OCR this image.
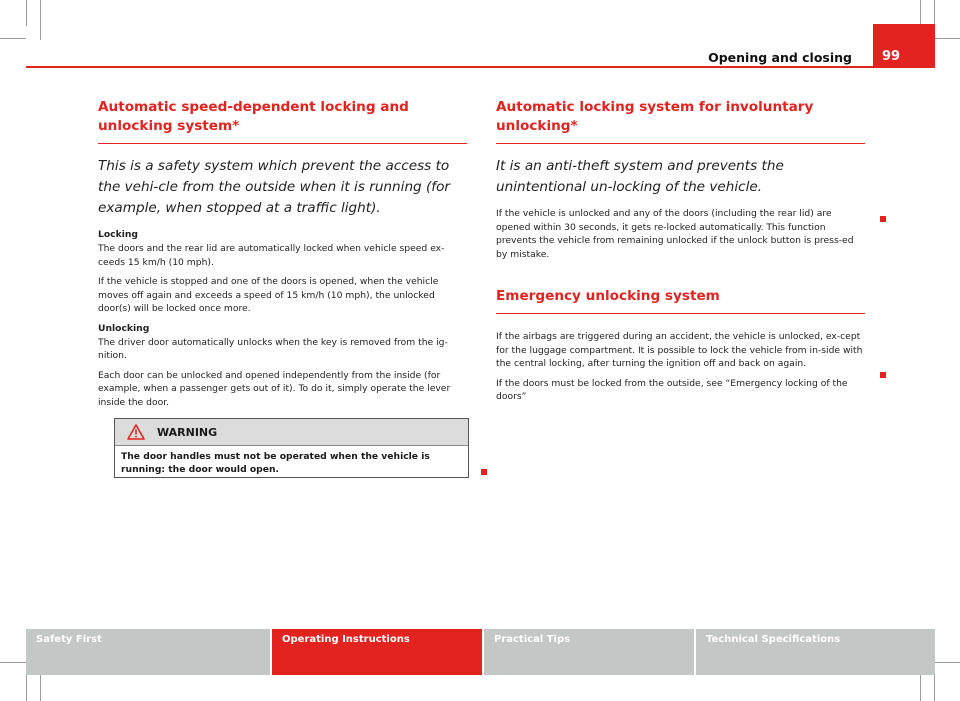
Opening and closing	99
Automatic speed-dependent locking and unlocking system*
This is a safety system which prevent the access to the vehi-cle from the outside when it is running (for example, when stopped at a traffic light).
Locking

The doors and the rear lid are automatically locked when vehicle speed ex-ceeds 15 km/h (10 mph).

If the vehicle is stopped and one of the doors is opened, when the vehicle moves off again and exceeds a speed of 15 km/h (10 mph), the unlocked door(s) will be locked once more.

Unlocking

The driver door automatically unlocks when the key is removed from the ig-nition.

Each door can be unlocked and opened independently from the inside (for example, when a passenger gets out of it). To do it, simply operate the lever inside the door.

WARNING
The door handles must not be operated when the vehicle is running: the door would open.
Automatic locking system for involuntary unlocking*
It is an anti-theft system and prevents the unintentional un-locking of the vehicle.

If the vehicle is unlocked and any of the doors (including the rear lid) are opened within 30 seconds, it gets re-locked automatically. This function prevents the vehicle from remaining unlocked if the unlock button is press-ed by mistake.

Emergency unlocking system

If the airbags are triggered during an accident, the vehicle is unlocked, ex-cept for the luggage compartment. It is possible to lock the vehicle from in-side with the central locking, after turning the ignition off and back on again.

If the doors must be locked from the outside, see “Emergency locking of the doors”

Safety First	Operating Instructions	Practical Tips	Technical Specifications
